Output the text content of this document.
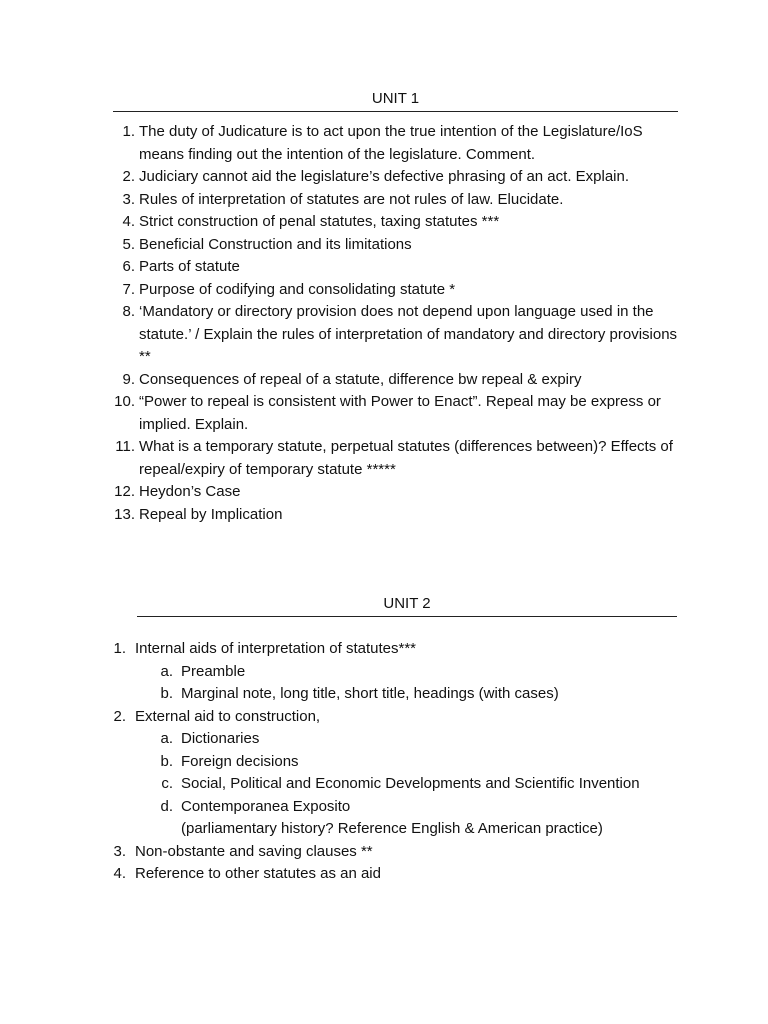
UNIT 1
1. The duty of Judicature is to act upon the true intention of the Legislature/IoS means finding out the intention of the legislature. Comment.
2. Judiciary cannot aid the legislature’s defective phrasing of an act. Explain.
3. Rules of interpretation of statutes are not rules of law. Elucidate.
4. Strict construction of penal statutes, taxing statutes ***
5. Beneficial Construction and its limitations
6. Parts of statute
7. Purpose of codifying and consolidating statute *
8. ‘Mandatory or directory provision does not depend upon language used in the statute.’ / Explain the rules of interpretation of mandatory and directory provisions **
9. Consequences of repeal of a statute, difference bw repeal & expiry
10. “Power to repeal is consistent with Power to Enact”. Repeal may be express or implied. Explain.
11. What is a temporary statute, perpetual statutes (differences between)? Effects of repeal/expiry of temporary statute *****
12. Heydon’s Case
13. Repeal by Implication
UNIT 2
1. Internal aids of interpretation of statutes***
a. Preamble
b. Marginal note, long title, short title, headings (with cases)
2. External aid to construction,
a. Dictionaries
b. Foreign decisions
c. Social, Political and Economic Developments and Scientific Invention
d. Contemporanea Exposito
(parliamentary history? Reference English & American practice)
3. Non-obstante and saving clauses **
4. Reference to other statutes as an aid
